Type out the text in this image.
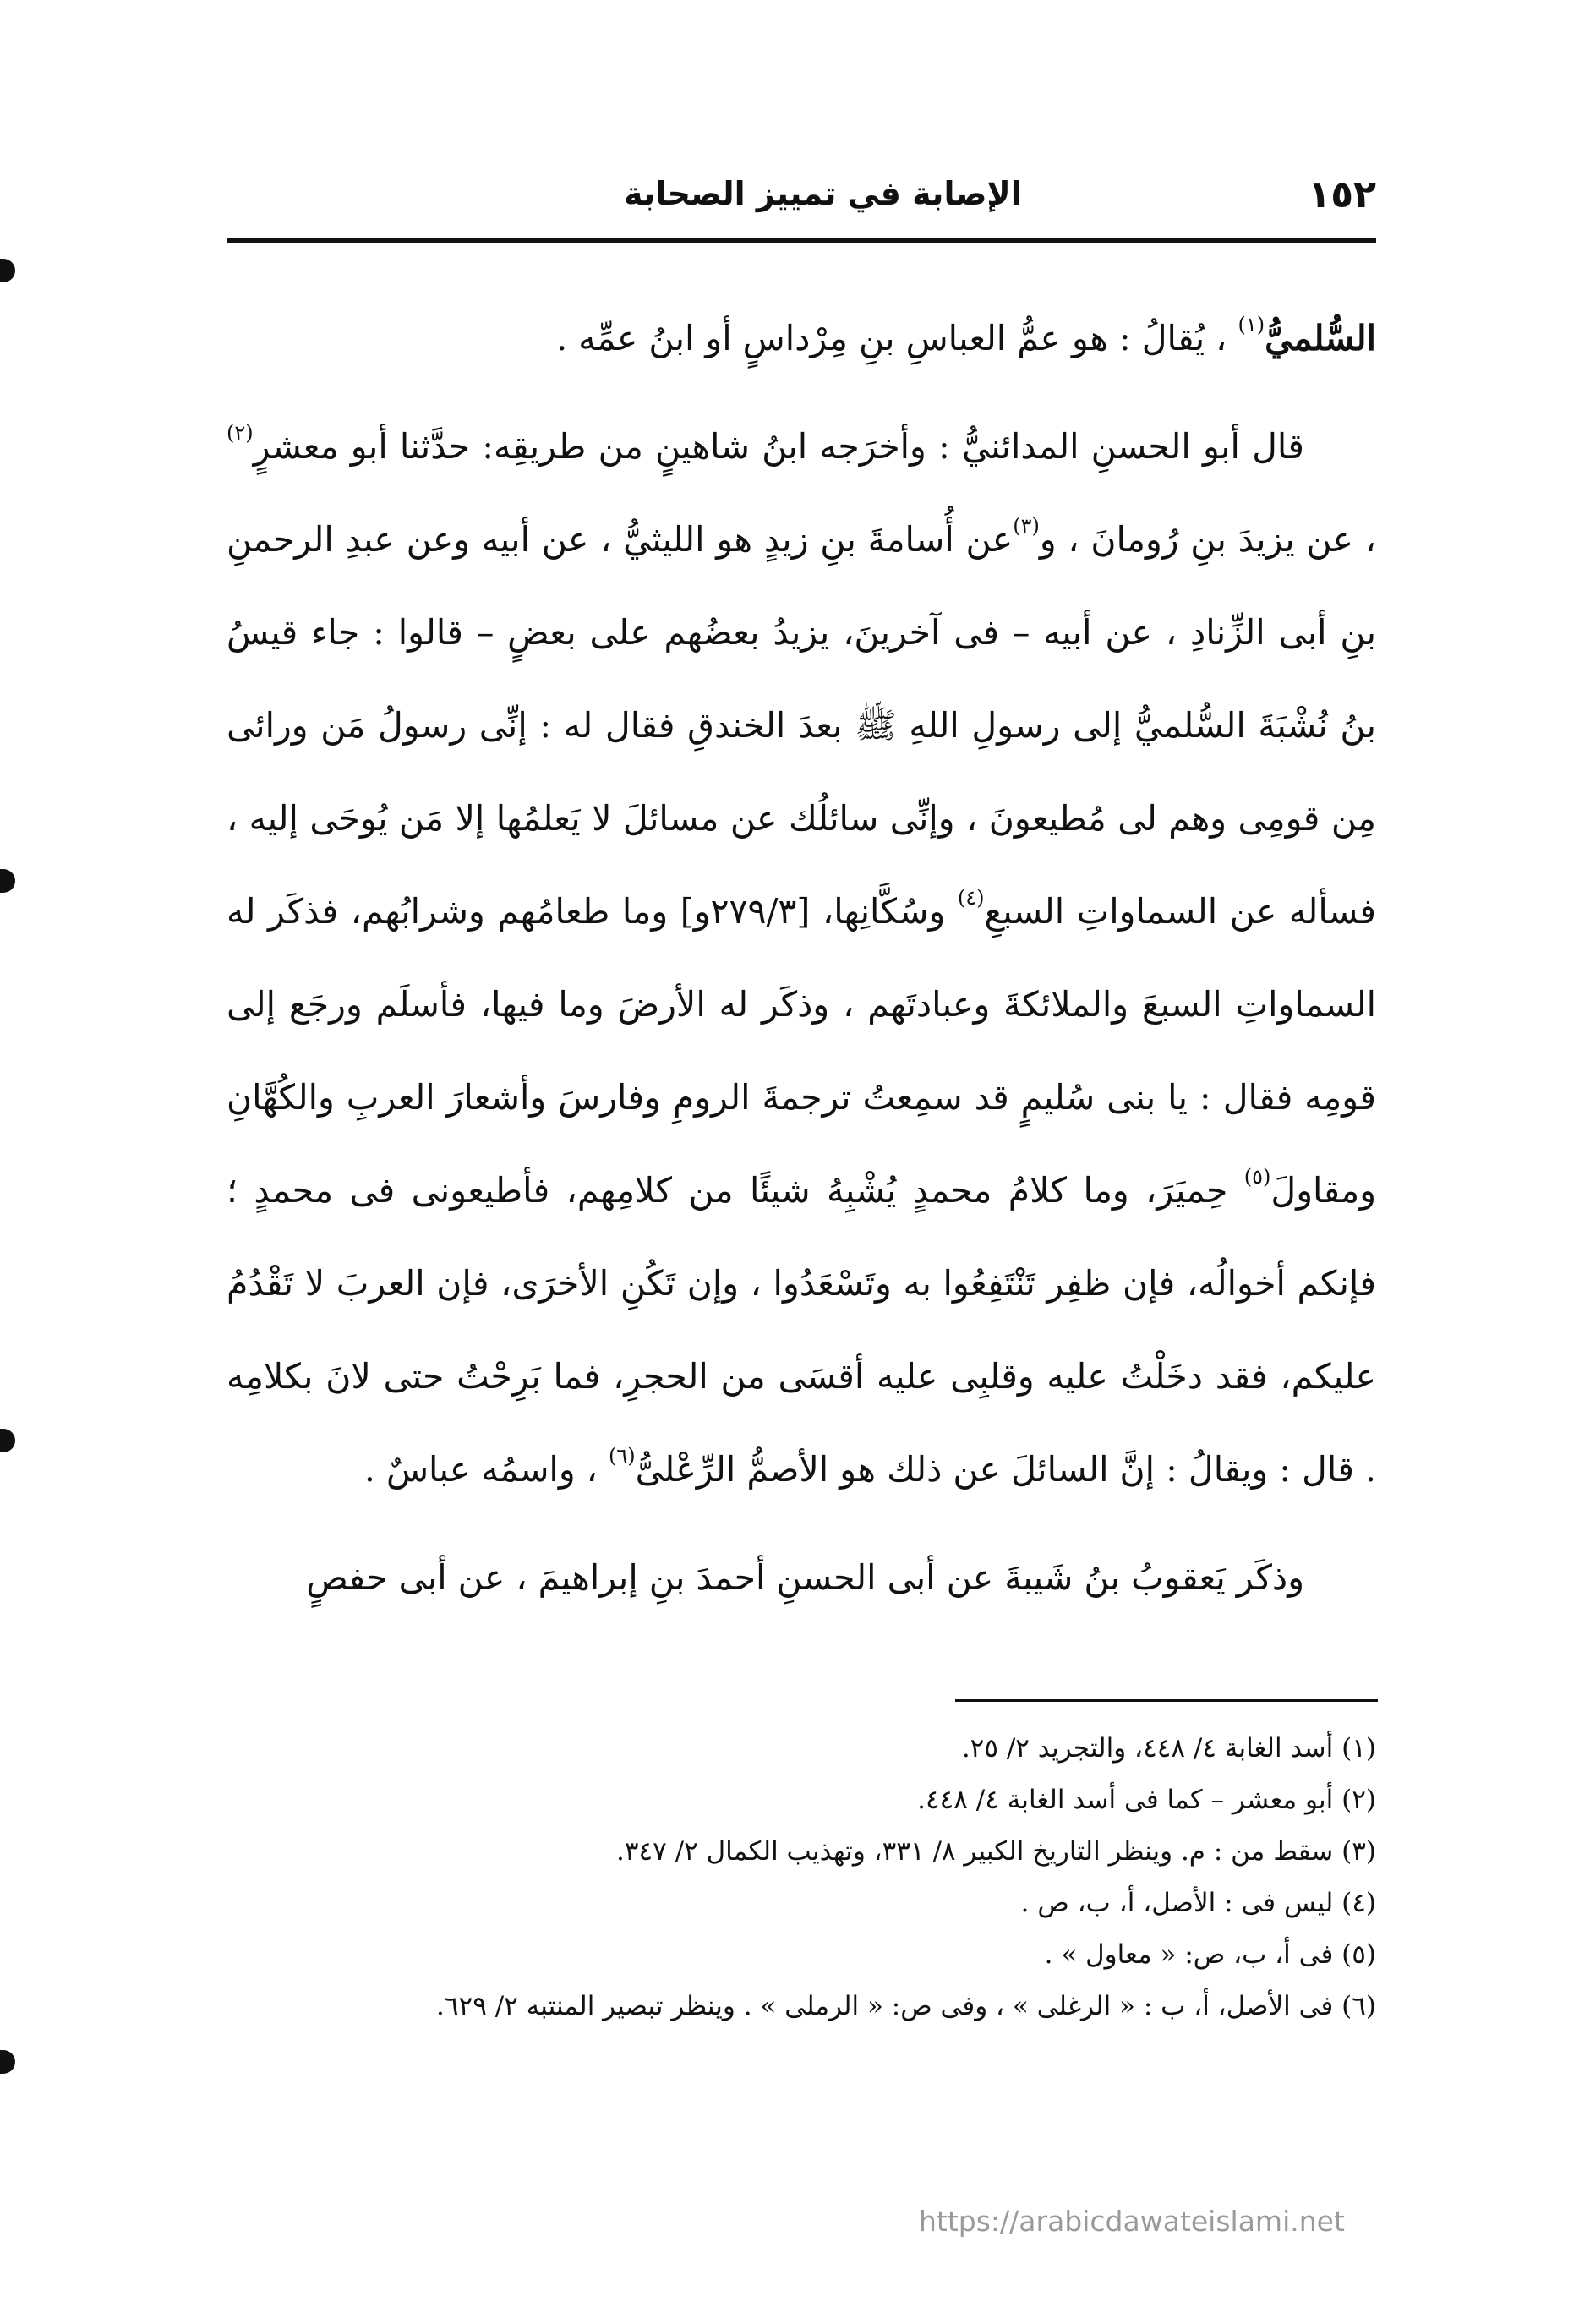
١٥٢
الإصابة في تمييز الصحابة

السُّلميُّ$^{(١)}$ ، يُقالُ : هو عمُّ العباسِ بنِ مِرْداسٍ أو ابنُ عمِّه .

قال أبو الحسنِ المدائنيُّ : وأخرَجه ابنُ شاهينٍ من طريقِه: حدَّثنا أبو معشرٍ$^{(٢)}$ ، عن يزيدَ بنِ رُومانَ ، و$^{(٣)}$عن أُسامةَ بنِ زيدٍ هو الليثيُّ ، عن أبيه وعن عبدِ الرحمنِ بنِ أبى الزِّنادِ ، عن أبيه – فى آخرينَ، يزيدُ بعضُهم على بعضٍ – قالوا : جاء قيسُ بنُ نُشْبَةَ السُّلميُّ إلى رسولِ اللهِ ﷺ بعدَ الخندقِ فقال له : إنِّى رسولُ مَن ورائى مِن قومِى وهم لى مُطيعونَ ، وإنِّى سائلُك عن مسائلَ لا يَعلمُها إلا مَن يُوحَى إليه ، فسأله عن السماواتِ السبعِ$^{(٤)}$ وسُكَّانِها، [٢٧٩/٣و] وما طعامُهم وشرابُهم، فذكَر له السماواتِ السبعَ والملائكةَ وعبادتَهم ، وذكَر له الأرضَ وما فيها، فأسلَم ورجَع إلى قومِه فقال : يا بنى سُليمٍ قد سمِعتُ ترجمةَ الرومِ وفارسَ وأشعارَ العربِ والكُهَّانِ ومقاولَ$^{(٥)}$ حِميَرَ، وما كلامُ محمدٍ يُشْبِهُ شيئًا من كلامِهم، فأطيعونى فى محمدٍ ؛ فإنكم أخوالُه، فإن ظفِر تَنْتَفِعُوا به وتَسْعَدُوا ، وإن تَكُنِ الأخرَى، فإن العربَ لا تَقْدُمُ عليكم، فقد دخَلْتُ عليه وقلبِى عليه أقسَى من الحجرِ، فما بَرِحْتُ حتى لانَ بكلامِه . قال : ويقالُ : إنَّ السائلَ عن ذلك هو الأصمُّ الرِّعْلىُّ$^{(٦)}$ ، واسمُه عباسٌ .

وذكَر يَعقوبُ بنُ شَيبةَ عن أبى الحسنِ أحمدَ بنِ إبراهيمَ ، عن أبى حفصٍ

(١) أسد الغابة ٤/ ٤٤٨، والتجريد ٢/ ٢٥.

(٢) أبو معشر – كما فى أسد الغابة ٤/ ٤٤٨.

(٣) سقط من : م. وينظر التاريخ الكبير ٨/ ٣٣١، وتهذيب الكمال ٢/ ٣٤٧.

(٤) ليس فى : الأصل، أ، ب، ص .

(٥) فى أ، ب، ص: « معاول » .

(٦) فى الأصل، أ، ب : « الرغلى » ، وفى ص: « الرملى » . وينظر تبصير المنتبه ٢/ ٦٢٩.

https://arabicdawateislami.net
